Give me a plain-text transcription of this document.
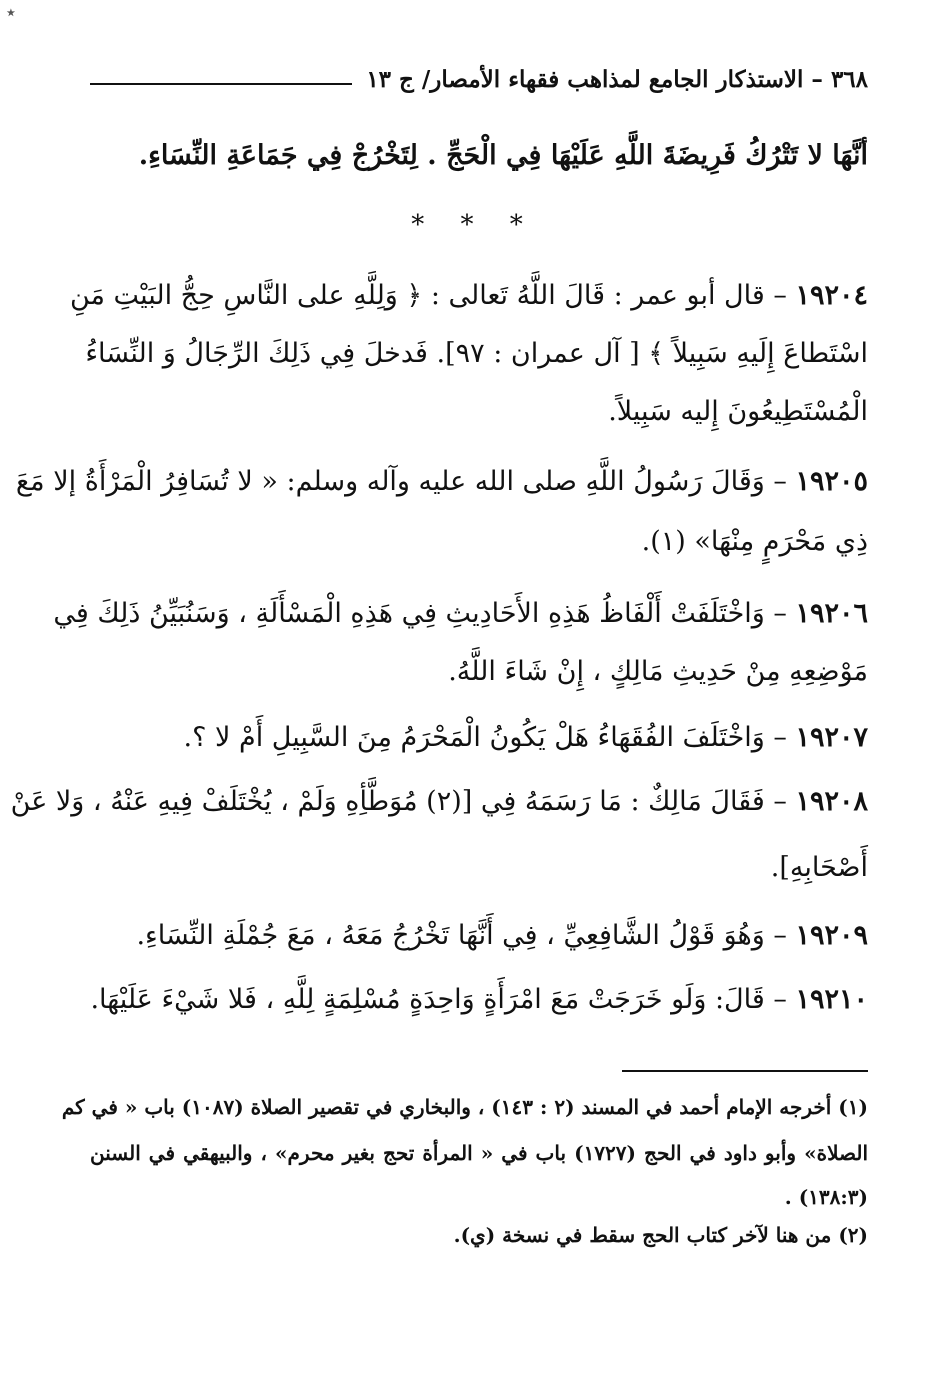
٭
٣٦٨ – الاستذكار الجامع لمذاهب فقهاء الأمصار/ ج ١٣
أنَّهَا لا تَتْرُكُ فَرِيضَةَ اللَّهِ عَلَيْهَا فِي الْحَجِّ . لِتَخْرُجْ فِي جَمَاعَةِ النِّسَاءِ.
* * *
١٩٢٠٤ – قال أبو عمر : قَالَ اللَّهُ تَعالى : ﴿ وَلِلَّهِ على النَّاسِ حِجُّ البَيْتِ مَنِ
اسْتَطاعَ إِلَيهِ سَبِيلاً ﴾ [ آل عمران : ٩٧]. فَدخلَ فِي ذَلِكَ الرِّجَالُ وَ النِّسَاءُ
الْمُسْتَطِيعُونَ إِليه سَبِيلاً.
١٩٢٠٥ – وَقَالَ رَسُولُ اللَّهِ صلى الله عليه وآله وسلم: « لا تُسَافِرُ الْمَرْأَةُ إلا مَعَ
ذِي مَحْرَمٍ مِنْهَا» (١).
١٩٢٠٦ – وَاخْتَلَفَتْ أَلْفَاظُ هَذِهِ الأَحَادِيثِ فِي هَذِهِ الْمَسْأَلَةِ ، وَسَنُبَيِّنُ ذَلِكَ فِي
مَوْضِعِهِ مِنْ حَدِيثِ مَالِكٍ ، إِنْ شَاءَ اللَّهُ.
١٩٢٠٧ – وَاخْتَلَفَ الفُقَهَاءُ هَلْ يَكُونُ الْمَحْرَمُ مِنَ السَّبِيلِ أَمْ لا ؟.
١٩٢٠٨ – فَقَالَ مَالِكٌ : مَا رَسَمَهُ فِي [(٢) مُوَطَّأِهِ وَلَمْ ، يُخْتَلَفْ فِيهِ عَنْهُ ، وَلا عَنْ
أَصْحَابِهِ].
١٩٢٠٩ – وَهُوَ قَوْلُ الشَّافِعِيِّ ، فِي أَنَّهَا تَخْرُجُ مَعَهُ ، مَعَ جُمْلَةِ النِّسَاءِ.
١٩٢١٠ – قَالَ: وَلَو خَرَجَتْ مَعَ امْرَأَةٍ وَاحِدَةٍ مُسْلِمَةٍ لِلَّهِ ، فَلا شَيْءَ عَلَيْهَا.
(١) أخرجه الإمام أحمد في المسند (٢ : ١٤٣) ، والبخاري في تقصير الصلاة (١٠٨٧) باب « في كم
الصلاة» وأبو داود في الحج (١٧٢٧) باب في « المرأة تحج بغير محرم» ، والبيهقي في السنن
(١٣٨:٣) .
(٢) من هنا لآخر كتاب الحج سقط في نسخة (ي).
